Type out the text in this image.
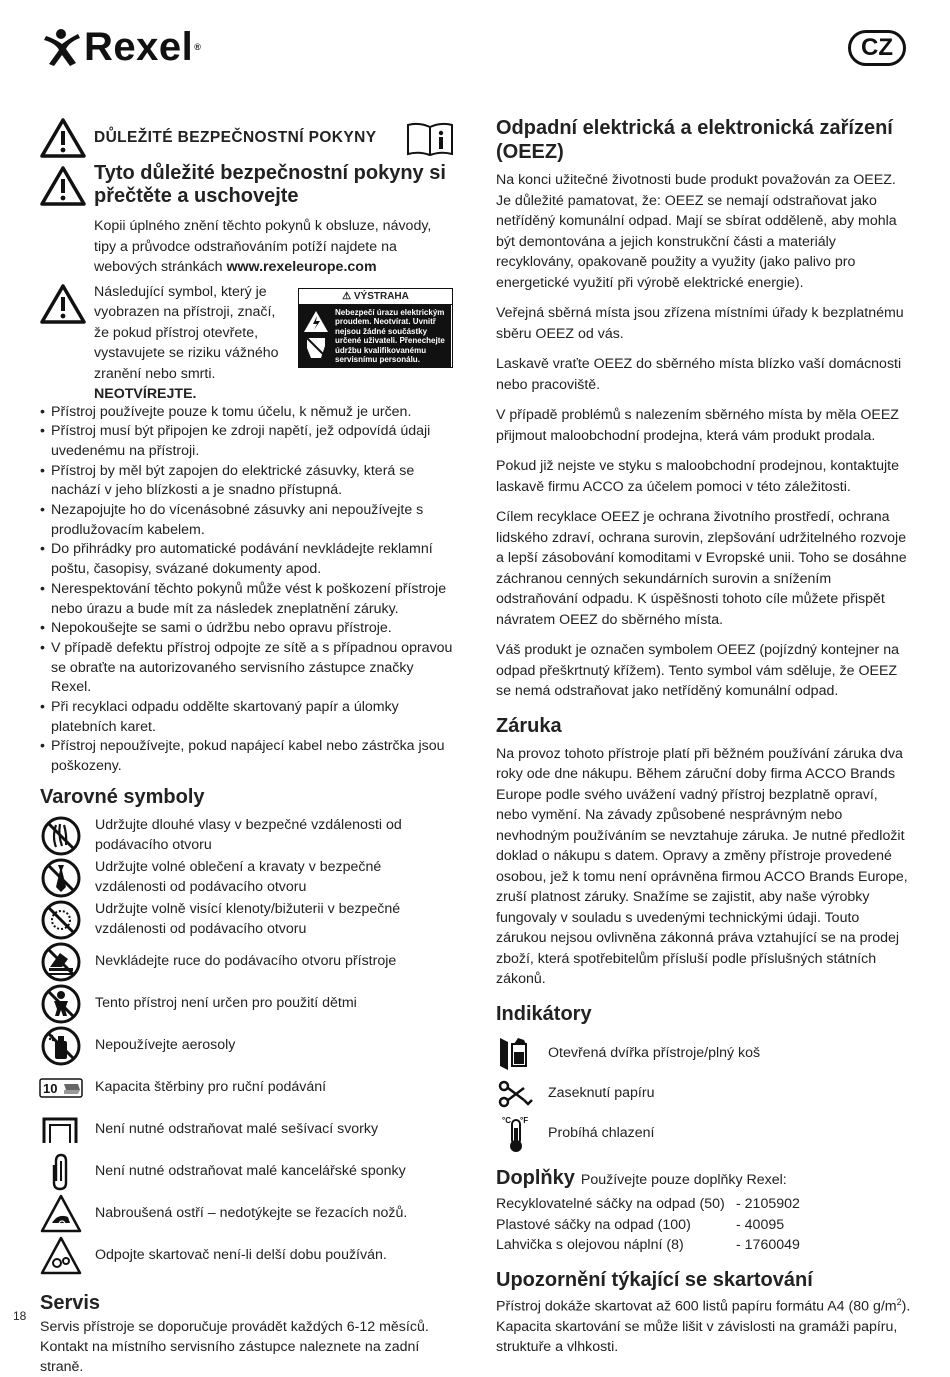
Rexel®	CZ
DŮLEŽITÉ BEZPEČNOSTNÍ POKYNY
Tyto důležité bezpečnostní pokyny si přečtěte a uschovejte
Kopii úplného znění těchto pokynů k obsluze, návody, tipy a průvodce odstraňováním potíží najdete na webových stránkách www.rexeleurope.com
Následující symbol, který je vyobrazen na přístroji, značí, že pokud přístroj otevřete, vystavujete se riziku vážného zranění nebo smrti.
NEOTVÍREJTE.
⚠ VÝSTRAHA
Nebezpečí úrazu elektrickým proudem. Neotvírat. Uvnitř nejsou žádné součástky určené uživateli. Přenechejte údržbu kvalifikovanému servisnímu personálu.
• Přístroj používejte pouze k tomu účelu, k němuž je určen.
• Přístroj musí být připojen ke zdroji napětí, jež odpovídá údaji uvedenému na přístroji.
• Přístroj by měl být zapojen do elektrické zásuvky, která se nachází v jeho blízkosti a je snadno přístupná.
• Nezapojujte ho do vícenásobné zásuvky ani nepoužívejte s prodlužovacím kabelem.
• Do přihrádky pro automatické podávání nevkládejte reklamní poštu, časopisy, svázané dokumenty apod.
• Nerespektování těchto pokynů může vést k poškození přístroje nebo úrazu a bude mít za následek zneplatnění záruky.
• Nepokoušejte se sami o údržbu nebo opravu přístroje.
• V případě defektu přístroj odpojte ze sítě a s případnou opravou se obraťte na autorizovaného servisního zástupce značky Rexel.
• Při recyklaci odpadu oddělte skartovaný papír a úlomky platebních karet.
• Přístroj nepoužívejte, pokud napájecí kabel nebo zástrčka jsou poškozeny.
Varovné symboly
Udržujte dlouhé vlasy v bezpečné vzdálenosti od podávacího otvoru
Udržujte volné oblečení a kravaty v bezpečné vzdálenosti od podávacího otvoru
Udržujte volně visící klenoty/bižuterii v bezpečné vzdálenosti od podávacího otvoru
Nevkládejte ruce do podávacího otvoru přístroje
Tento přístroj není určen pro použití dětmi
Nepoužívejte aerosoly
10	Kapacita štěrbiny pro ruční podávání
Není nutné odstraňovat malé sešívací svorky
Není nutné odstraňovat malé kancelářské sponky
Nabroušená ostří – nedotýkejte se řezacích nožů.
Odpojte skartovač není-li delší dobu používán.
Servis
Servis přístroje se doporučuje provádět každých 6-12 měsíců. Kontakt na místního servisního zástupce naleznete na zadní straně.
18
Odpadní elektrická a elektronická zařízení (OEEZ)
Na konci užitečné životnosti bude produkt považován za OEEZ. Je důležité pamatovat, že: OEEZ se nemají odstraňovat jako netříděný komunální odpad. Mají se sbírat odděleně, aby mohla být demontována a jejich konstrukční části a materiály recyklovány, opakovaně použity a využity (jako palivo pro energetické využití při výrobě elektrické energie).
Veřejná sběrná místa jsou zřízena místními úřady k bezplatnému sběru OEEZ od vás.
Laskavě vraťte OEEZ do sběrného místa blízko vaší domácnosti nebo pracoviště.
V případě problémů s nalezením sběrného místa by měla OEEZ přijmout maloobchodní prodejna, která vám produkt prodala.
Pokud již nejste ve styku s maloobchodní prodejnou, kontaktujte laskavě firmu ACCO za účelem pomoci v této záležitosti.
Cílem recyklace OEEZ je ochrana životního prostředí, ochrana lidského zdraví, ochrana surovin, zlepšování udržitelného rozvoje a lepší zásobování komoditami v Evropské unii. Toho se dosáhne záchranou cenných sekundárních surovin a snížením odstraňování odpadu. K úspěšnosti tohoto cíle můžete přispět návratem OEEZ do sběrného místa.
Váš produkt je označen symbolem OEEZ (pojízdný kontejner na odpad přeškrtnutý křížem). Tento symbol vám sděluje, že OEEZ se nemá odstraňovat jako netříděný komunální odpad.
Záruka
Na provoz tohoto přístroje platí při běžném používání záruka dva roky ode dne nákupu. Během záruční doby firma ACCO Brands Europe podle svého uvážení vadný přístroj bezplatně opraví, nebo vymění. Na závady způsobené nesprávným nebo nevhodným používáním se nevztahuje záruka. Je nutné předložit doklad o nákupu s datem. Opravy a změny přístroje provedené osobou, jež k tomu není oprávněna firmou ACCO Brands Europe, zruší platnost záruky. Snažíme se zajistit, aby naše výrobky fungovaly v souladu s uvedenými technickými údaji. Touto zárukou nejsou ovlivněna zákonná práva vztahující se na prodej zboží, která spotřebitelům přísluší podle příslušných státních zákonů.
Indikátory
Otevřená dvířka přístroje/plný koš
Zaseknutí papíru
°C °F
Probíhá chlazení
Doplňky Používejte pouze doplňky Rexel:
Recyklovatelné sáčky na odpad (50) - 2105902
Plastové sáčky na odpad (100)	- 40095
Lahvička s olejovou náplní (8)	- 1760049
Upozornění týkající se skartování
Přístroj dokáže skartovat až 600 listů papíru formátu A4 (80 $g/m^2$). Kapacita skartování se může lišit v závislosti na gramáži papíru, struktuře a vlhkosti.
